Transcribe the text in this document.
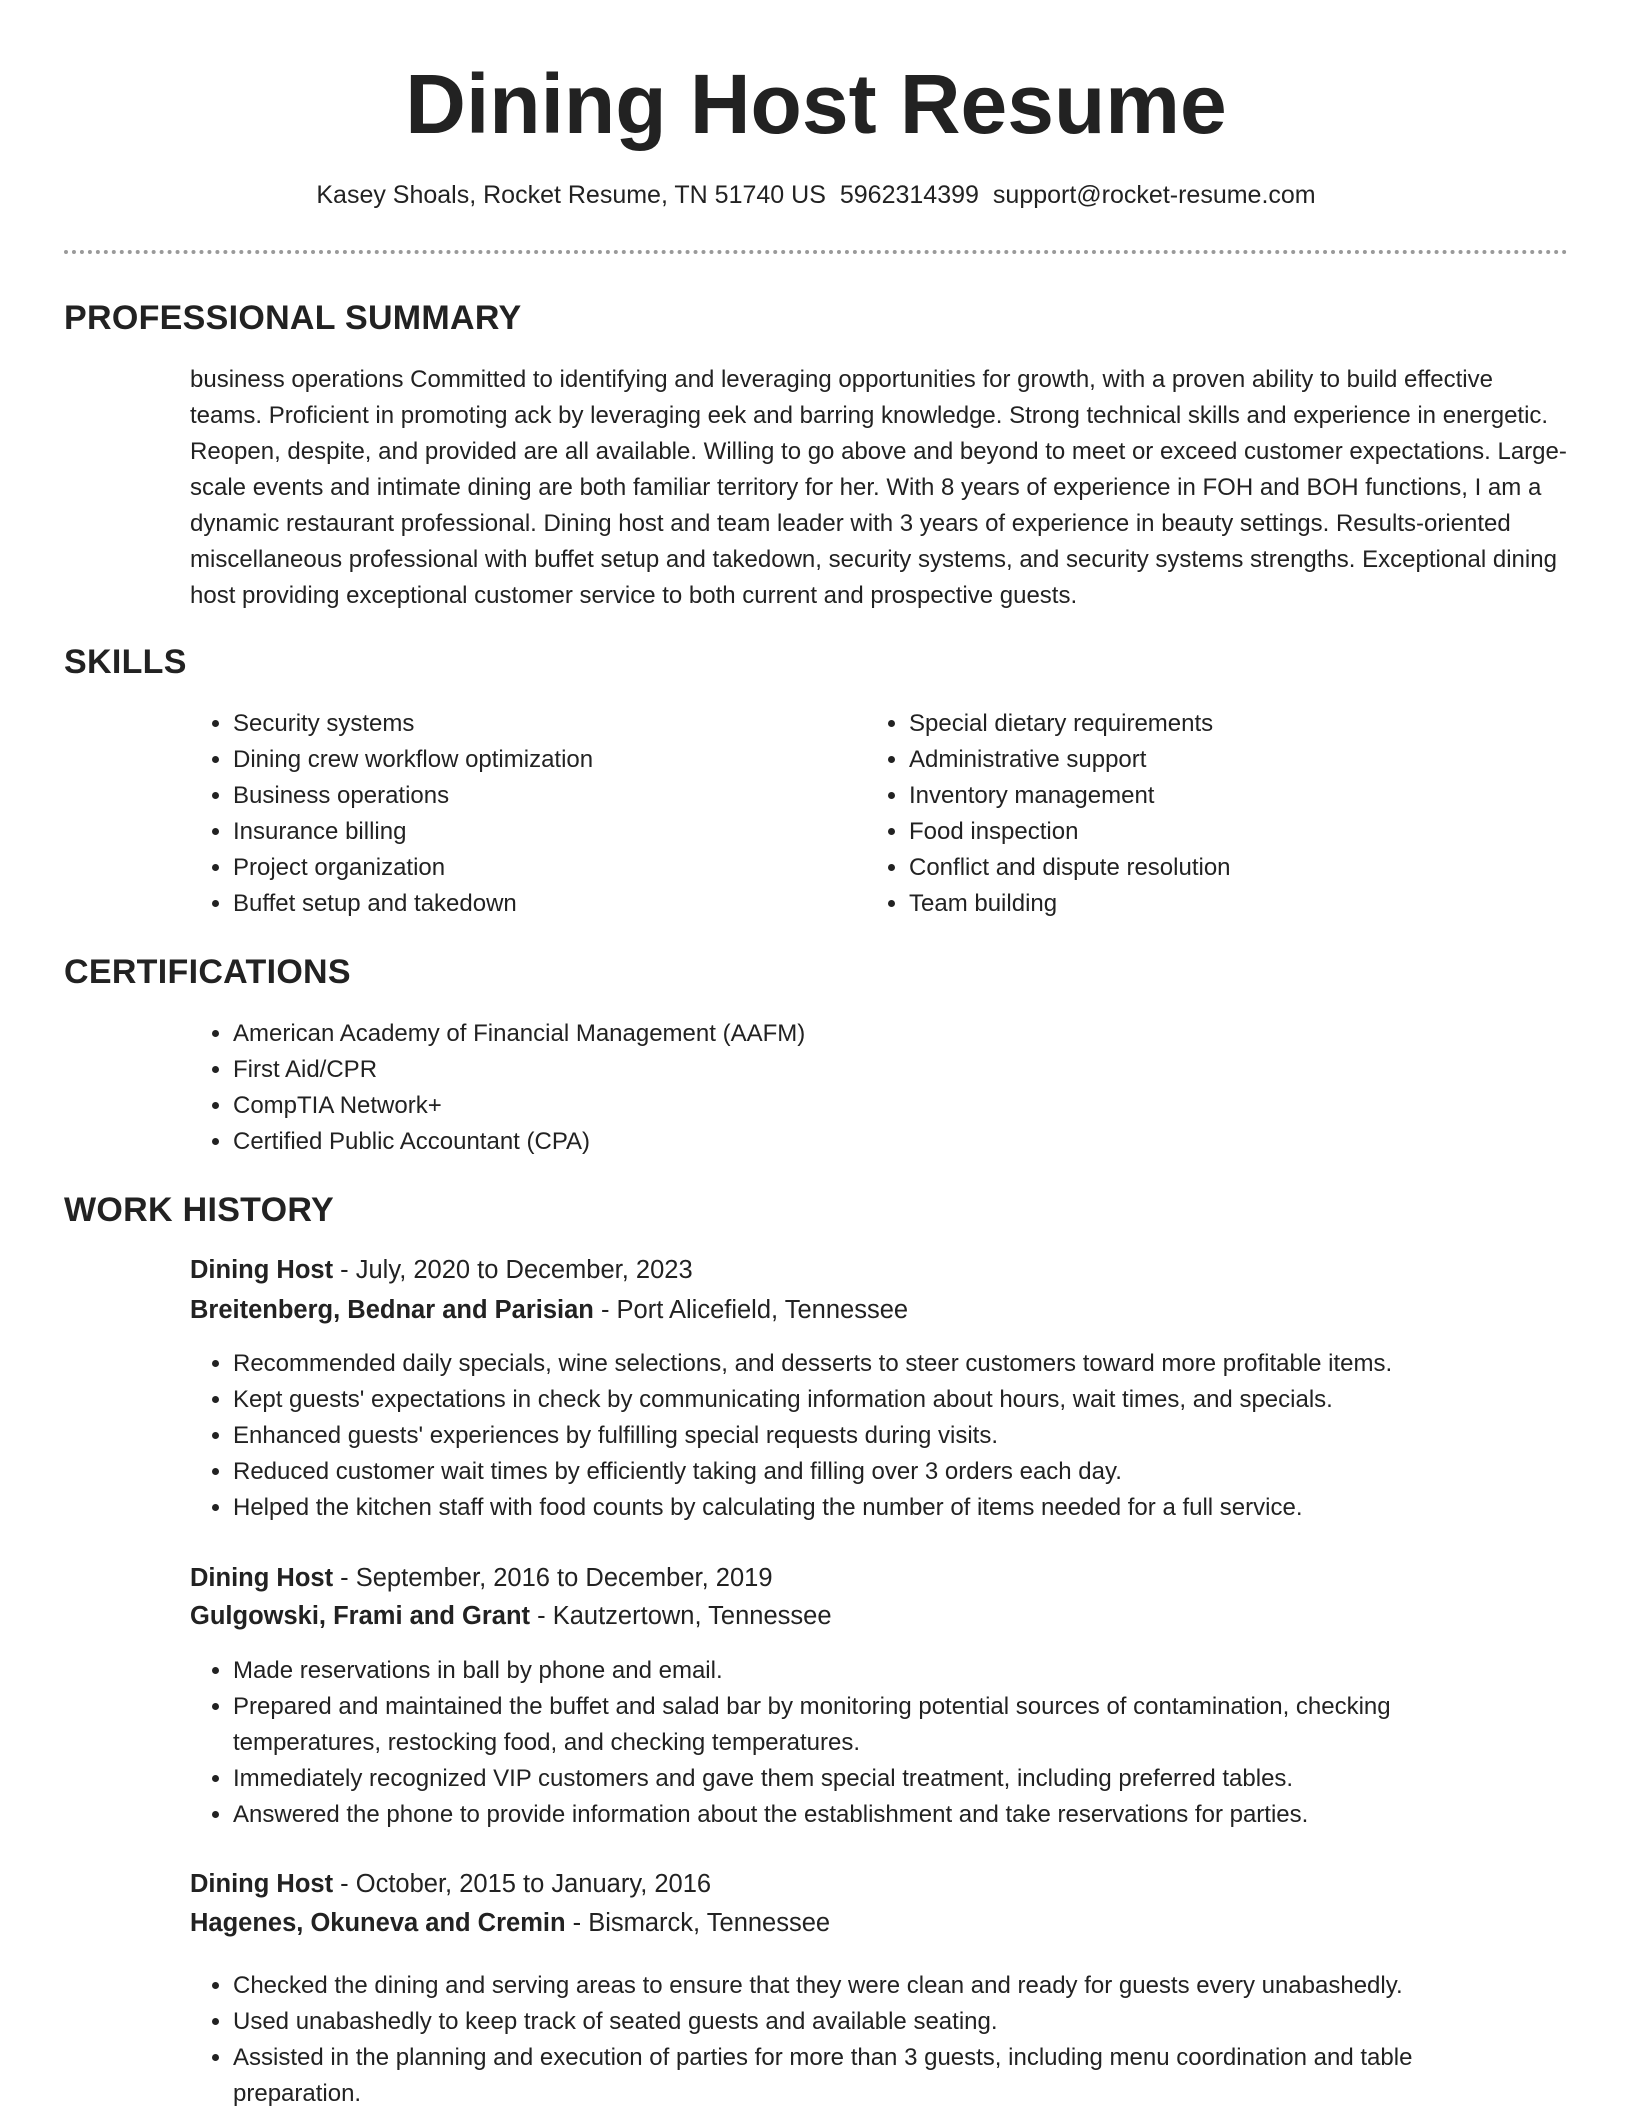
Dining Host Resume
Kasey Shoals, Rocket Resume, TN 51740 US 5962314399 support@rocket-resume.com
PROFESSIONAL SUMMARY

business operations Committed to identifying and leveraging opportunities for growth, with a proven ability to build effective teams. Proficient in promoting ack by leveraging eek and barring knowledge. Strong technical skills and experience in energetic. Reopen, despite, and provided are all available. Willing to go above and beyond to meet or exceed customer expectations. Large-scale events and intimate dining are both familiar territory for her. With 8 years of experience in FOH and BOH functions, I am a dynamic restaurant professional. Dining host and team leader with 3 years of experience in beauty settings. Results-oriented miscellaneous professional with buffet setup and takedown, security systems, and security systems strengths. Exceptional dining host providing exceptional customer service to both current and prospective guests.

SKILLS
• Security systems
• Dining crew workflow optimization
• Business operations
• Insurance billing
• Project organization
• Buffet setup and takedown
• Special dietary requirements
• Administrative support
• Inventory management
• Food inspection
• Conflict and dispute resolution
• Team building
CERTIFICATIONS
• American Academy of Financial Management (AAFM)
• First Aid/CPR
• CompTIA Network+
• Certified Public Accountant (CPA)
WORK HISTORY
Dining Host - July, 2020 to December, 2023
Breitenberg, Bednar and Parisian - Port Alicefield, Tennessee
• Recommended daily specials, wine selections, and desserts to steer customers toward more profitable items.
• Kept guests' expectations in check by communicating information about hours, wait times, and specials.
• Enhanced guests' experiences by fulfilling special requests during visits.
• Reduced customer wait times by efficiently taking and filling over 3 orders each day.
• Helped the kitchen staff with food counts by calculating the number of items needed for a full service.
Dining Host - September, 2016 to December, 2019
Gulgowski, Frami and Grant - Kautzertown, Tennessee
• Made reservations in ball by phone and email.
• Prepared and maintained the buffet and salad bar by monitoring potential sources of contamination, checking temperatures, restocking food, and checking temperatures.
• Immediately recognized VIP customers and gave them special treatment, including preferred tables.
• Answered the phone to provide information about the establishment and take reservations for parties.
Dining Host - October, 2015 to January, 2016
Hagenes, Okuneva and Cremin - Bismarck, Tennessee
• Checked the dining and serving areas to ensure that they were clean and ready for guests every unabashedly.
• Used unabashedly to keep track of seated guests and available seating.
• Assisted in the planning and execution of parties for more than 3 guests, including menu coordination and table preparation.
